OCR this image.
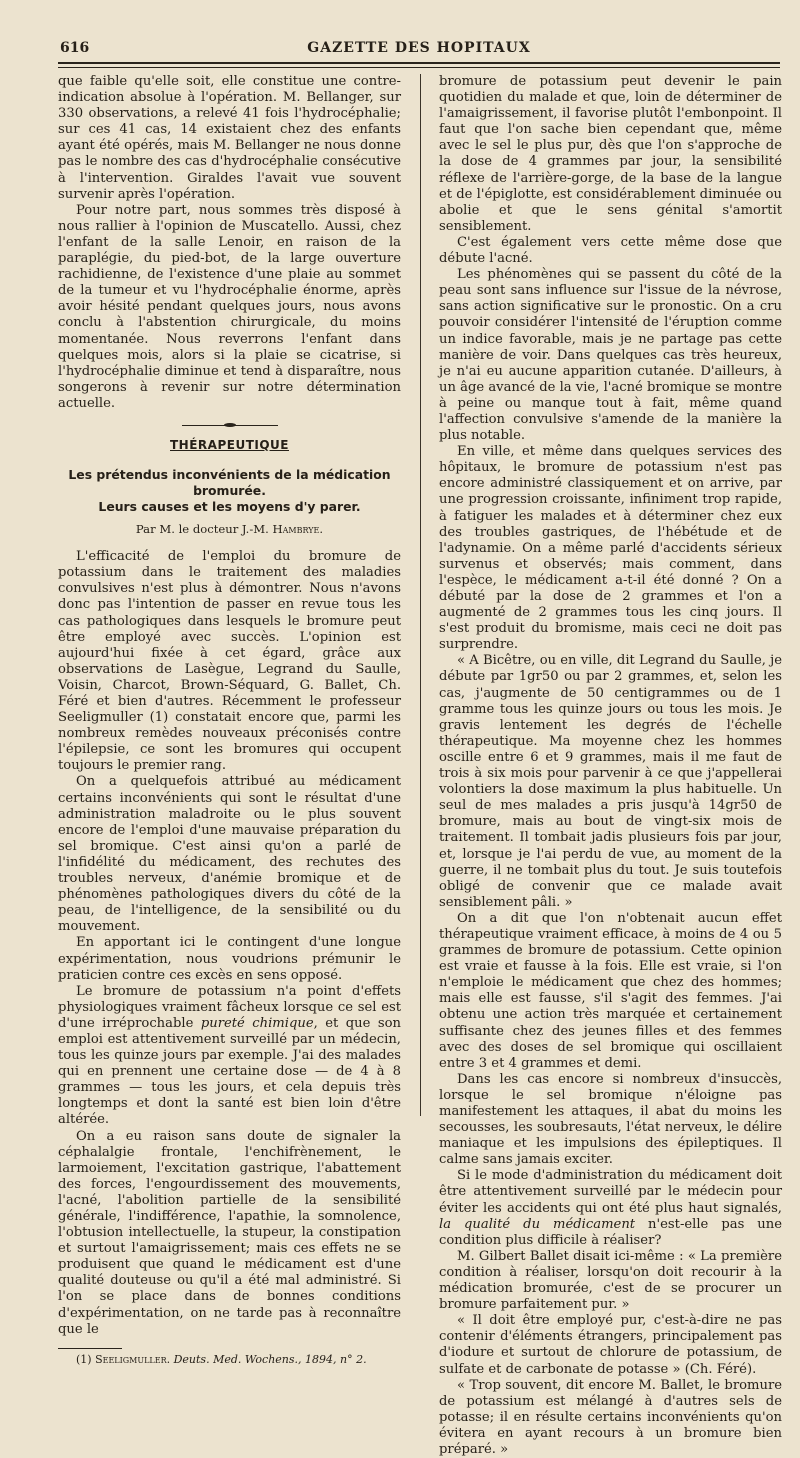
616	GAZETTE DES HOPITAUX

que faible qu'elle soit, elle constitue une contre-indication absolue à l'opération. M. Bellanger, sur 330 observations, a relevé 41 fois l'hydrocéphalie; sur ces 41 cas, 14 existaient chez des enfants ayant été opérés, mais M. Bellanger ne nous donne pas le nombre des cas d'hydrocéphalie consécutive à l'intervention. Giraldes l'avait vue souvent survenir après l'opération.

Pour notre part, nous sommes très disposé à nous rallier à l'opinion de Muscatello. Aussi, chez l'enfant de la salle Lenoir, en raison de la paraplégie, du pied-bot, de la large ouverture rachidienne, de l'existence d'une plaie au sommet de la tumeur et vu l'hydrocéphalie énorme, après avoir hésité pendant quelques jours, nous avons conclu à l'abstention chirurgicale, du moins momentanée. Nous reverrons l'enfant dans quelques mois, alors si la plaie se cicatrise, si l'hydrocéphalie diminue et tend à disparaître, nous songerons à revenir sur notre détermination actuelle.

THÉRAPEUTIQUE
Les prétendus inconvénients de la médication bromurée.
Leurs causes et les moyens d'y parer.
Par M. le docteur J.-M. Hambrye.

L'efficacité de l'emploi du bromure de potassium dans le traitement des maladies convulsives n'est plus à démontrer. Nous n'avons donc pas l'intention de passer en revue tous les cas pathologiques dans lesquels le bromure peut être employé avec succès. L'opinion est aujourd'hui fixée à cet égard, grâce aux observations de Lasègue, Legrand du Saulle, Voisin, Charcot, Brown-Séquard, G. Ballet, Ch. Féré et bien d'autres. Récemment le professeur Seeligmuller (1) constatait encore que, parmi les nombreux remèdes nouveaux préconisés contre l'épilepsie, ce sont les bromures qui occupent toujours le premier rang.

On a quelquefois attribué au médicament certains inconvénients qui sont le résultat d'une administration maladroite ou le plus souvent encore de l'emploi d'une mauvaise préparation du sel bromique. C'est ainsi qu'on a parlé de l'infidélité du médicament, des rechutes des troubles nerveux, d'anémie bromique et de phénomènes pathologiques divers du côté de la peau, de l'intelligence, de la sensibilité ou du mouvement.

En apportant ici le contingent d'une longue expérimentation, nous voudrions prémunir le praticien contre ces excès en sens opposé.

Le bromure de potassium n'a point d'effets physiologiques vraiment fâcheux lorsque ce sel est d'une irréprochable pureté chimique, et que son emploi est attentivement surveillé par un médecin, tous les quinze jours par exemple. J'ai des malades qui en prennent une certaine dose — de 4 à 8 grammes — tous les jours, et cela depuis très longtemps et dont la santé est bien loin d'être altérée.

On a eu raison sans doute de signaler la céphalalgie frontale, l'enchifrènement, le larmoiement, l'excitation gastrique, l'abattement des forces, l'engourdissement des mouvements, l'acné, l'abolition partielle de la sensibilité générale, l'indifférence, l'apathie, la somnolence, l'obtusion intellectuelle, la stupeur, la constipation et surtout l'amaigrissement; mais ces effets ne se produisent que quand le médicament est d'une qualité douteuse ou qu'il a été mal administré. Si l'on se place dans de bonnes conditions d'expérimentation, on ne tarde pas à reconnaître que le

(1) Seeligmuller. Deuts. Med. Wochens., 1894, n° 2.

bromure de potassium peut devenir le pain quotidien du malade et que, loin de déterminer de l'amaigrissement, il favorise plutôt l'embonpoint. Il faut que l'on sache bien cependant que, même avec le sel le plus pur, dès que l'on s'approche de la dose de 4 grammes par jour, la sensibilité réflexe de l'arrière-gorge, de la base de la langue et de l'épiglotte, est considérablement diminuée ou abolie et que le sens génital s'amortit sensiblement.

C'est également vers cette même dose que débute l'acné.

Les phénomènes qui se passent du côté de la peau sont sans influence sur l'issue de la névrose, sans action significative sur le pronostic. On a cru pouvoir considérer l'intensité de l'éruption comme un indice favorable, mais je ne partage pas cette manière de voir. Dans quelques cas très heureux, je n'ai eu aucune apparition cutanée. D'ailleurs, à un âge avancé de la vie, l'acné bromique se montre à peine ou manque tout à fait, même quand l'affection convulsive s'amende de la manière la plus notable.

En ville, et même dans quelques services des hôpitaux, le bromure de potassium n'est pas encore administré classiquement et on arrive, par une progression croissante, infiniment trop rapide, à fatiguer les malades et à déterminer chez eux des troubles gastriques, de l'hébétude et de l'adynamie. On a même parlé d'accidents sérieux survenus et observés; mais comment, dans l'espèce, le médicament a-t-il été donné ? On a débuté par la dose de 2 grammes et l'on a augmenté de 2 grammes tous les cinq jours. Il s'est produit du bromisme, mais ceci ne doit pas surprendre.

« A Bicêtre, ou en ville, dit Legrand du Saulle, je débute par 1gr50 ou par 2 grammes, et, selon les cas, j'augmente de 50 centigrammes ou de 1 gramme tous les quinze jours ou tous les mois. Je gravis lentement les degrés de l'échelle thérapeutique. Ma moyenne chez les hommes oscille entre 6 et 9 grammes, mais il me faut de trois à six mois pour parvenir à ce que j'appellerai volontiers la dose maximum la plus habituelle. Un seul de mes malades a pris jusqu'à 14gr50 de bromure, mais au bout de vingt-six mois de traitement. Il tombait jadis plusieurs fois par jour, et, lorsque je l'ai perdu de vue, au moment de la guerre, il ne tombait plus du tout. Je suis toutefois obligé de convenir que ce malade avait sensiblement pâli. »

On a dit que l'on n'obtenait aucun effet thérapeutique vraiment efficace, à moins de 4 ou 5 grammes de bromure de potassium. Cette opinion est vraie et fausse à la fois. Elle est vraie, si l'on n'emploie le médicament que chez des hommes; mais elle est fausse, s'il s'agit des femmes. J'ai obtenu une action très marquée et certainement suffisante chez des jeunes filles et des femmes avec des doses de sel bromique qui oscillaient entre 3 et 4 grammes et demi.

Dans les cas encore si nombreux d'insuccès, lorsque le sel bromique n'éloigne pas manifestement les attaques, il abat du moins les secousses, les soubresauts, l'état nerveux, le délire maniaque et les impulsions des épileptiques. Il calme sans jamais exciter.

Si le mode d'administration du médicament doit être attentivement surveillé par le médecin pour éviter les accidents qui ont été plus haut signalés, la qualité du médicament n'est-elle pas une condition plus difficile à réaliser?

M. Gilbert Ballet disait ici-même : « La première condition à réaliser, lorsqu'on doit recourir à la médication bromurée, c'est de se procurer un bromure parfaitement pur. »

« Il doit être employé pur, c'est-à-dire ne pas contenir d'éléments étrangers, principalement pas d'iodure et surtout de chlorure de potassium, de sulfate et de carbonate de potasse » (Ch. Féré).

« Trop souvent, dit encore M. Ballet, le bromure de potassium est mélangé à d'autres sels de potasse; il en résulte certains inconvénients qu'on évitera en ayant recours à un bromure bien préparé. »
